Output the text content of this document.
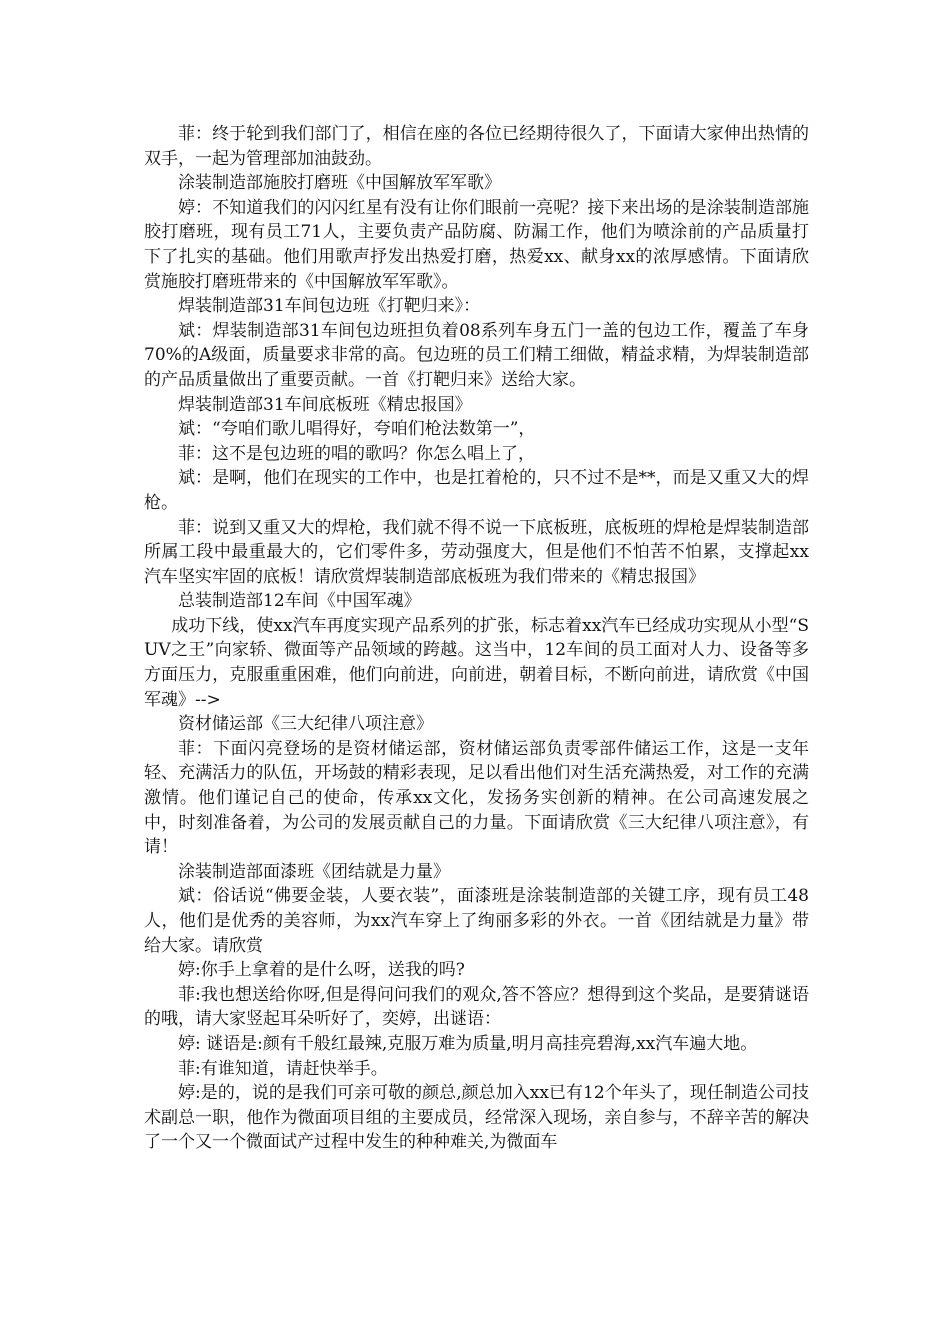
菲：终于轮到我们部门了，相信在座的各位已经期待很久了，下面请大家伸出热情的双手，一起为管理部加油鼓劲。

涂装制造部施胶打磨班《中国解放军军歌》

婷：不知道我们的闪闪红星有没有让你们眼前一亮呢？接下来出场的是涂装制造部施胶打磨班，现有员工71人，主要负责产品防腐、防漏工作，他们为喷涂前的产品质量打下了扎实的基础。他们用歌声抒发出热爱打磨，热爱xx、献身xx的浓厚感情。下面请欣赏施胶打磨班带来的《中国解放军军歌》。

焊装制造部31车间包边班《打靶归来》：

斌：焊装制造部31车间包边班担负着08系列车身五门一盖的包边工作，覆盖了车身70%的A级面，质量要求非常的高。包边班的员工们精工细做，精益求精，为焊装制造部的产品质量做出了重要贡献。一首《打靶归来》送给大家。

焊装制造部31车间底板班《精忠报国》

斌：“夸咱们歌儿唱得好，夸咱们枪法数第一”，

菲：这不是包边班的唱的歌吗？你怎么唱上了，

斌：是啊，他们在现实的工作中，也是扛着枪的，只不过不是**，而是又重又大的焊枪。

菲：说到又重又大的焊枪，我们就不得不说一下底板班，底板班的焊枪是焊装制造部所属工段中最重最大的，它们零件多，劳动强度大，但是他们不怕苦不怕累，支撑起xx汽车坚实牢固的底板！请欣赏焊装制造部底板班为我们带来的《精忠报国》

总装制造部12车间《中国军魂》

成功下线，使xx汽车再度实现产品系列的扩张，标志着xx汽车已经成功实现从小型“SUV之王”向家轿、微面等产品领域的跨越。这当中，12车间的员工面对人力、设备等多方面压力，克服重重困难，他们向前进，向前进，朝着目标，不断向前进，请欣赏《中国军魂》-->

资材储运部《三大纪律八项注意》

菲：下面闪亮登场的是资材储运部，资材储运部负责零部件储运工作，这是一支年轻、充满活力的队伍，开场鼓的精彩表现，足以看出他们对生活充满热爱，对工作的充满激情。他们谨记自己的使命，传承xx文化，发扬务实创新的精神。在公司高速发展之中，时刻准备着，为公司的发展贡献自己的力量。下面请欣赏《三大纪律八项注意》，有请！

涂装制造部面漆班《团结就是力量》

斌：俗话说“佛要金装，人要衣装”，面漆班是涂装制造部的关键工序，现有员工48人，他们是优秀的美容师，为xx汽车穿上了绚丽多彩的外衣。一首《团结就是力量》带给大家。请欣赏

婷:你手上拿着的是什么呀，送我的吗?

菲:我也想送给你呀,但是得问问我们的观众,答不答应？想得到这个奖品，是要猜谜语的哦，请大家竖起耳朵听好了，奕婷，出谜语：

婷: 谜语是:颜有千般红最辣,克服万难为质量,明月高挂亮碧海,xx汽车遍大地。

菲:有谁知道，请赶快举手。

婷:是的，说的是我们可亲可敬的颜总,颜总加入xx已有12个年头了，现任制造公司技术副总一职，他作为微面项目组的主要成员，经常深入现场，亲自参与，不辞辛苦的解决了一个又一个微面试产过程中发生的种种难关,为微面车
